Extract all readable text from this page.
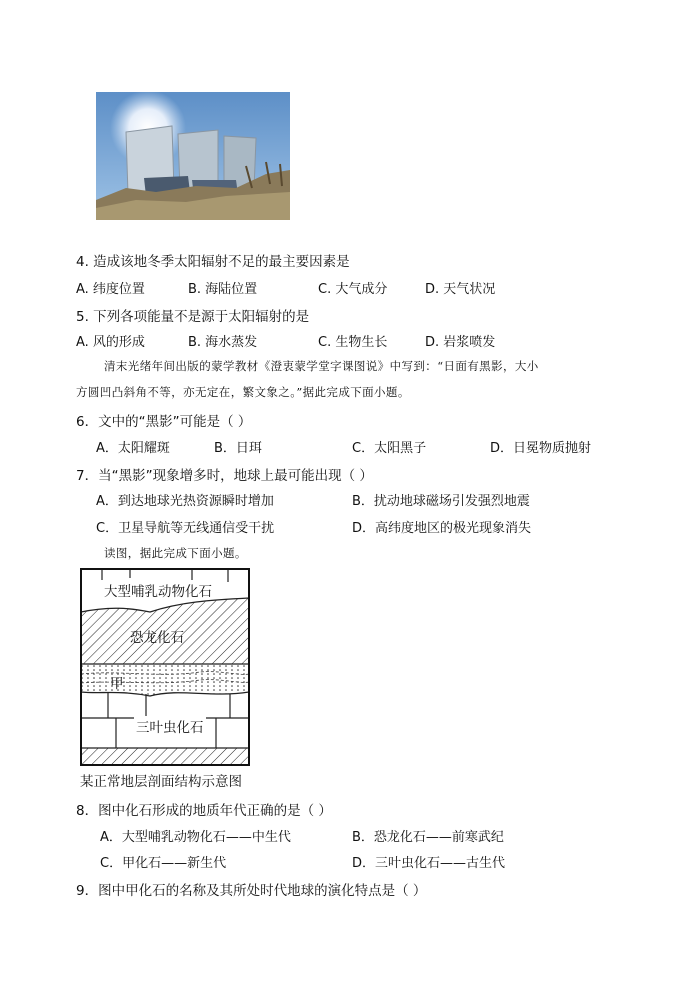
4. 造成该地冬季太阳辐射不足的最主要因素是
A. 纬度位置	B. 海陆位置	C. 大气成分	D. 天气状况
5. 下列各项能量不是源于太阳辐射的是
A. 风的形成	B. 海水蒸发	C. 生物生长	D. 岩浆喷发
清末光绪年间出版的蒙学教材《澄衷蒙学堂字课图说》中写到：“日面有黑影，大小
方圆凹凸斜角不等，亦无定在，繁文象之。”据此完成下面小题。
6．文中的“黑影”可能是（ ）
A．太阳耀斑	B．日珥	C．太阳黑子	D．日冕物质抛射
7．当“黑影”现象增多时，地球上最可能出现（ ）
A．到达地球光热资源瞬时增加	B．扰动地球磁场引发强烈地震
C．卫星导航等无线通信受干扰	D．高纬度地区的极光现象消失
读图，据此完成下面小题。
大型哺乳动物化石
恐龙化石
甲
三叶虫化石
某正常地层剖面结构示意图
8．图中化石形成的地质年代正确的是（ ）
A．大型哺乳动物化石——中生代	B．恐龙化石——前寒武纪
C．甲化石——新生代	D．三叶虫化石——古生代
9．图中甲化石的名称及其所处时代地球的演化特点是（ ）
